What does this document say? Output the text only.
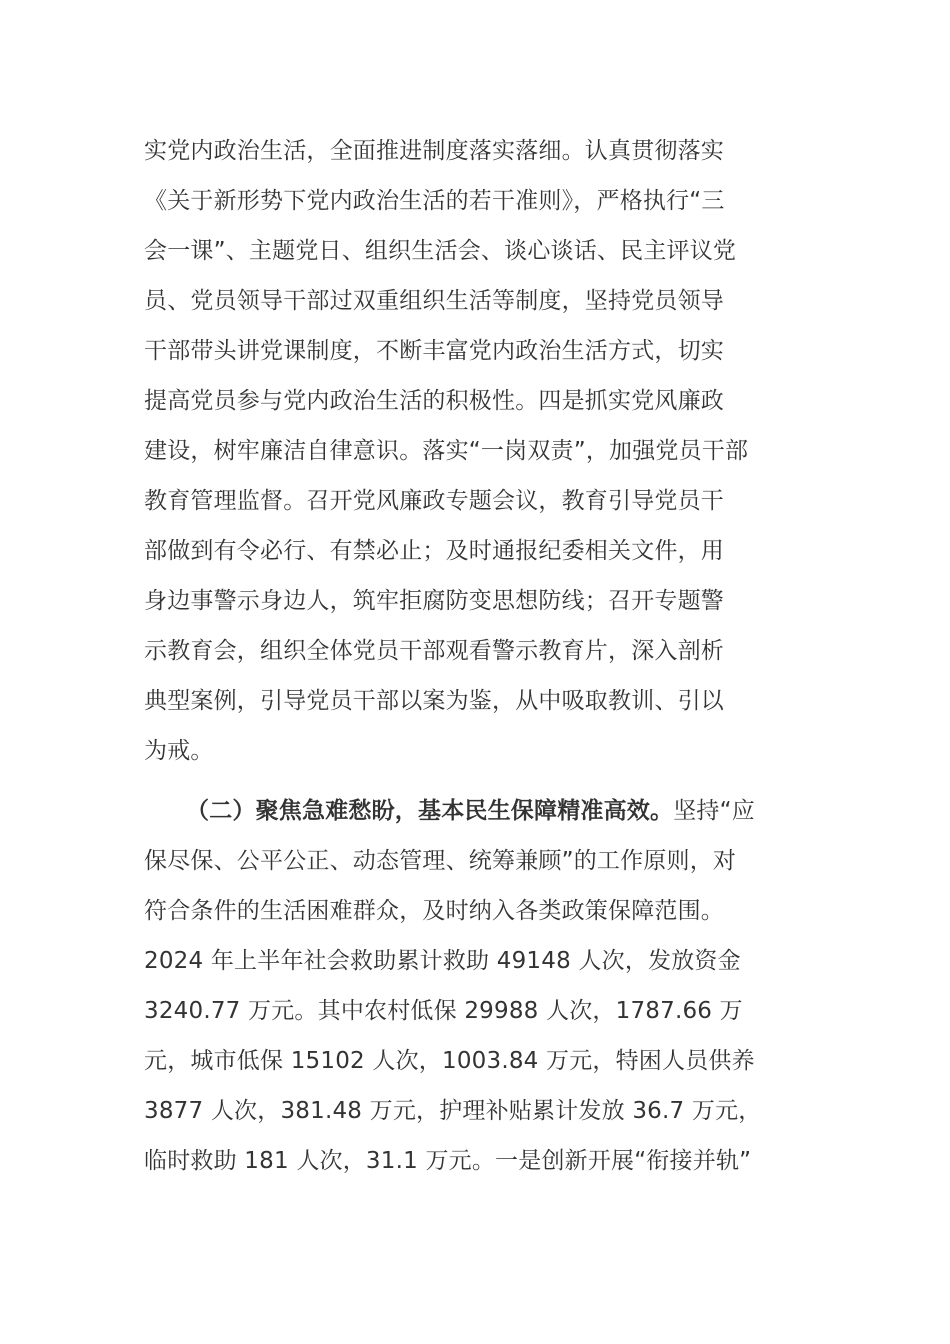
实党内政治生活，全面推进制度落实落细。认真贯彻落实
《关于新形势下党内政治生活的若干准则》，严格执行“三
会一课”、主题党日、组织生活会、谈心谈话、民主评议党
员、党员领导干部过双重组织生活等制度，坚持党员领导
干部带头讲党课制度，不断丰富党内政治生活方式，切实
提高党员参与党内政治生活的积极性。四是抓实党风廉政
建设，树牢廉洁自律意识。落实“一岗双责”，加强党员干部
教育管理监督。召开党风廉政专题会议，教育引导党员干
部做到有令必行、有禁必止；及时通报纪委相关文件，用
身边事警示身边人，筑牢拒腐防变思想防线；召开专题警
示教育会，组织全体党员干部观看警示教育片，深入剖析
典型案例，引导党员干部以案为鉴，从中吸取教训、引以
为戒。
（二）聚焦急难愁盼，基本民生保障精准高效。坚持“应
保尽保、公平公正、动态管理、统筹兼顾”的工作原则，对
符合条件的生活困难群众，及时纳入各类政策保障范围。
2024 年上半年社会救助累计救助 49148 人次，发放资金
3240.77 万元。其中农村低保 29988 人次，1787.66 万
元，城市低保 15102 人次，1003.84 万元，特困人员供养
3877 人次，381.48 万元，护理补贴累计发放 36.7 万元，
临时救助 181 人次，31.1 万元。一是创新开展“衔接并轨”
